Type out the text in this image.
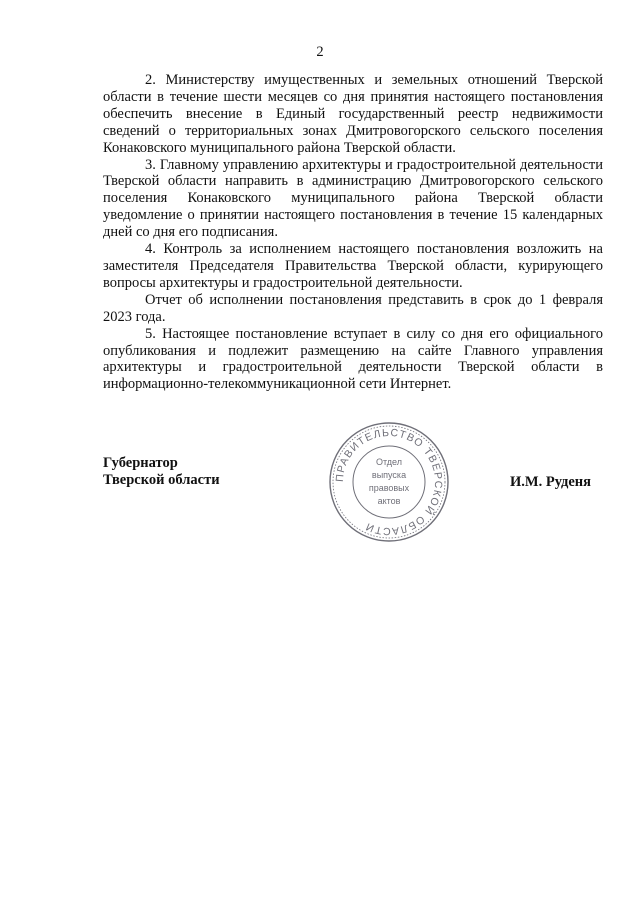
2

2. Министерству имущественных и земельных отношений Тверской области в течение шести месяцев со дня принятия настоящего постановления обеспечить внесение в Единый государственный реестр недвижимости сведений о территориальных зонах Дмитровогорского сельского поселения Конаковского муниципального района Тверской области.

3. Главному управлению архитектуры и градостроительной деятельности Тверской области направить в администрацию Дмитровогорского сельского поселения Конаковского муниципального района Тверской области уведомление о принятии настоящего постановления в течение 15 календарных дней со дня его подписания.

4. Контроль за исполнением настоящего постановления возложить на заместителя Председателя Правительства Тверской области, курирующего вопросы архитектуры и градостроительной деятельности.

Отчет об исполнении постановления представить в срок до 1 февраля 2023 года.

5. Настоящее постановление вступает в силу со дня его официального опубликования и подлежит размещению на сайте Главного управления архитектуры и градостроительной деятельности Тверской области в информационно-телекоммуникационной сети Интернет.

Губернатор
Тверской области	ПРАВИТЕЛЬСТВО ТВЕРСКОЙ ОБЛАСТИ
Отдел
выпуска
правовых
актов
И.М. Руденя
